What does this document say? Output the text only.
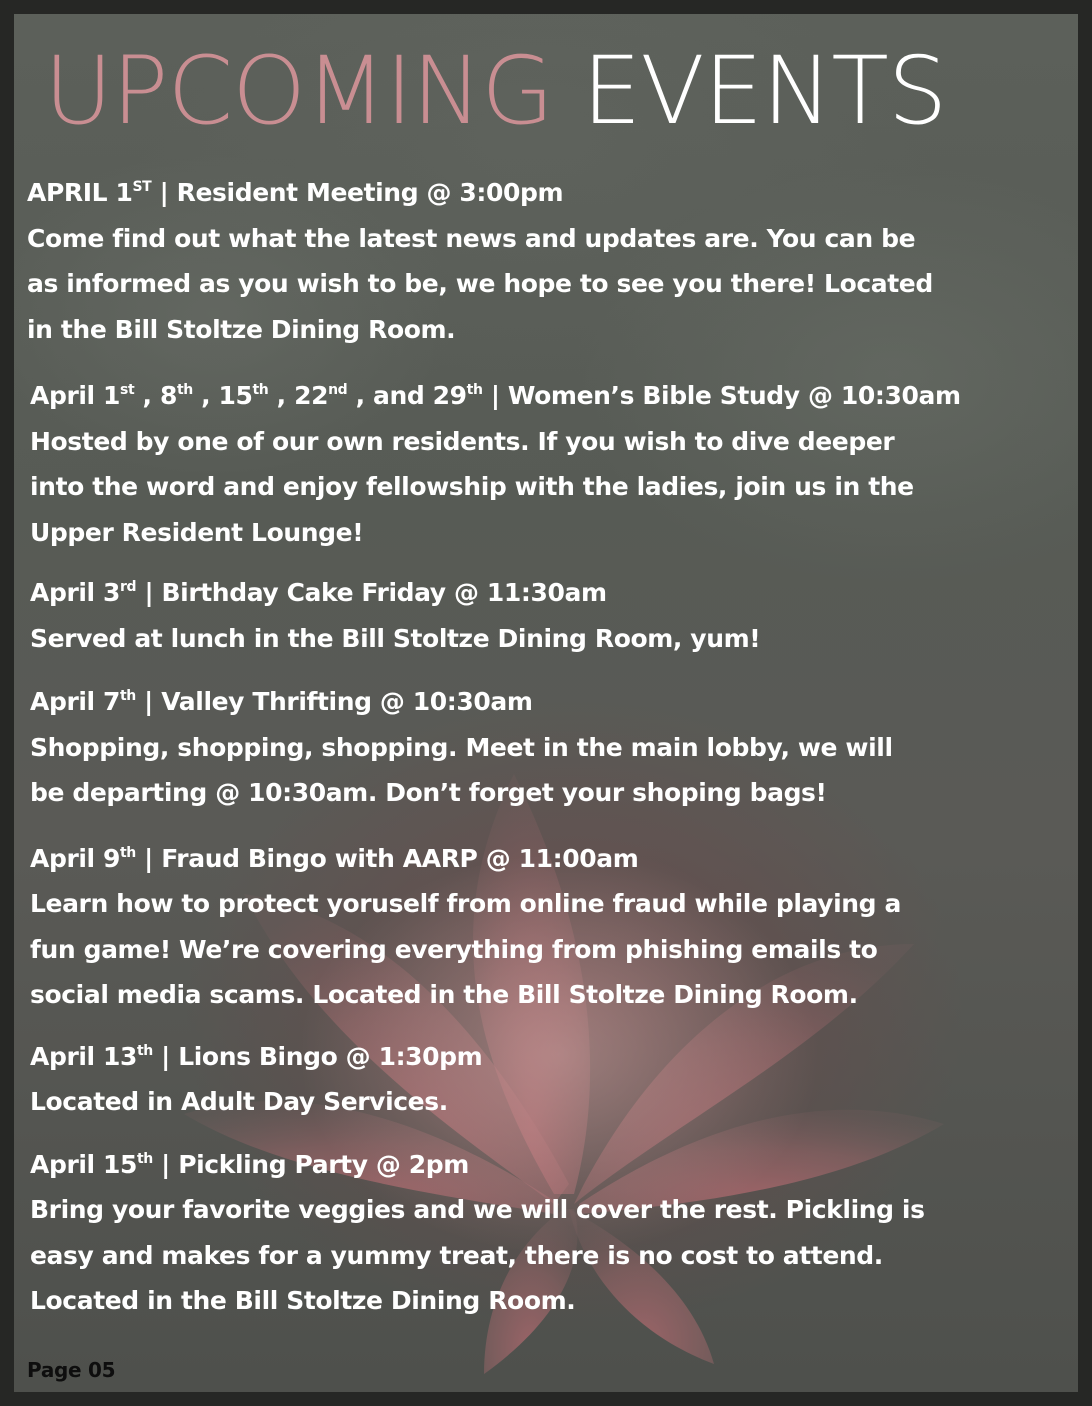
UPCOMING EVENTS
APRIL 1ST | Resident Meeting @ 3:00pm
Come find out what the latest news and updates are. You can be
as informed as you wish to be, we hope to see you there! Located
in the Bill Stoltze Dining Room.
April 1st , 8th , 15th , 22nd , and 29th | Women’s Bible Study @ 10:30am
Hosted by one of our own residents. If you wish to dive deeper
into the word and enjoy fellowship with the ladies, join us in the
Upper Resident Lounge!
April 3rd | Birthday Cake Friday @ 11:30am
Served at lunch in the Bill Stoltze Dining Room, yum!
April 7th | Valley Thrifting @ 10:30am
Shopping, shopping, shopping. Meet in the main lobby, we will
be departing @ 10:30am. Don’t forget your shoping bags!
April 9th | Fraud Bingo with AARP @ 11:00am
Learn how to protect yoruself from online fraud while playing a
fun game! We’re covering everything from phishing emails to
social media scams. Located in the Bill Stoltze Dining Room.
April 13th | Lions Bingo @ 1:30pm
Located in Adult Day Services.
April 15th | Pickling Party @ 2pm
Bring your favorite veggies and we will cover the rest. Pickling is
easy and makes for a yummy treat, there is no cost to attend.
Located in the Bill Stoltze Dining Room.

Page 05
